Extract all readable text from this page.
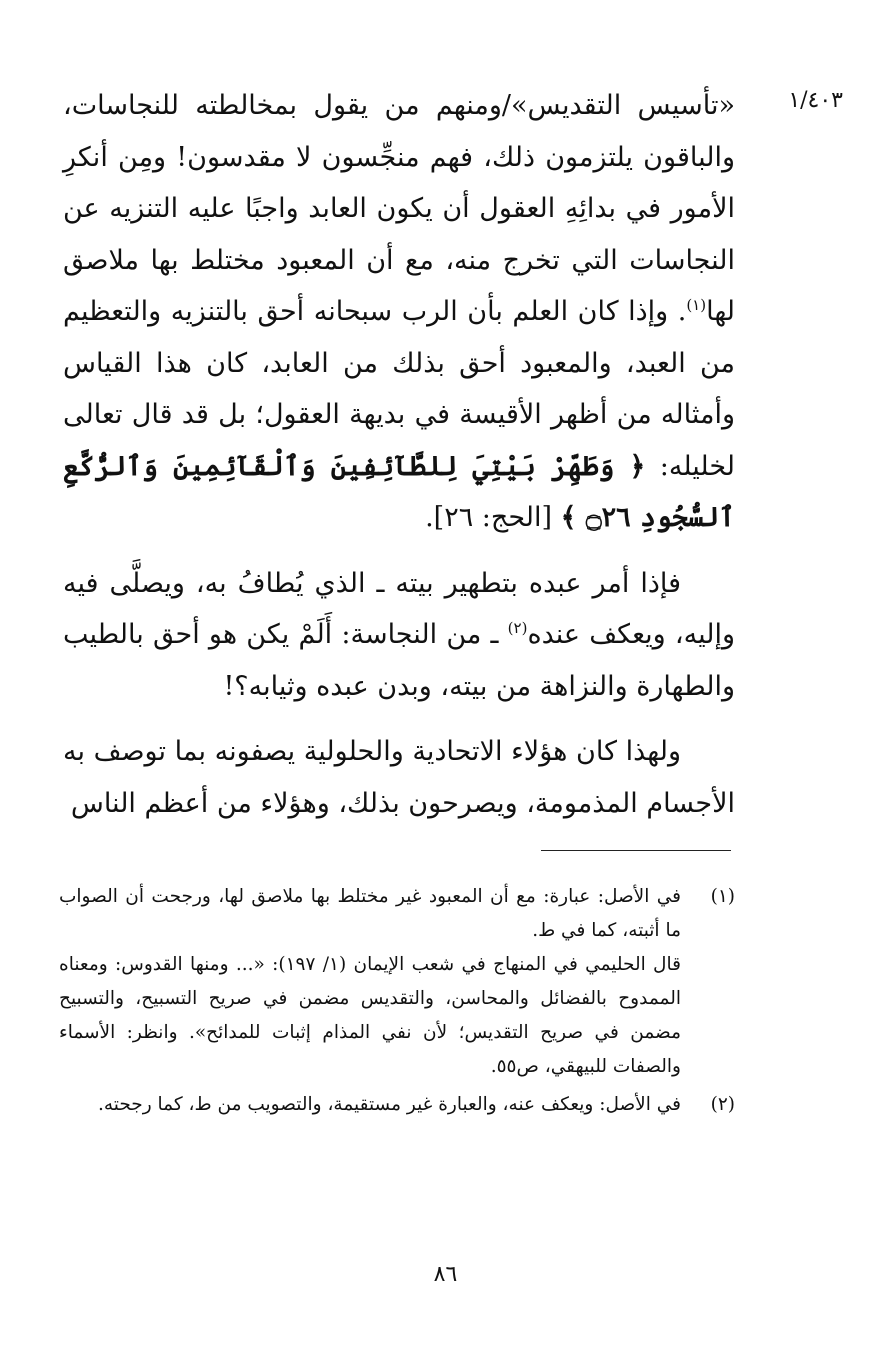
١/٤٠٣

«تأسيس التقديس»/ومنهم من يقول بمخالطته للنجاسات، والباقون يلتزمون ذلك، فهم منجِّسون لا مقدسون! ومِن أنكرِ الأمور في بدائِهِ العقول أن يكون العابد واجبًا عليه التنزيه عن النجاسات التي تخرج منه، مع أن المعبود مختلط بها ملاصق لها$^{(١)}$. وإذا كان العلم بأن الرب سبحانه أحق بالتنزيه والتعظيم من العبد، والمعبود أحق بذلك من العابد، كان هذا القياس وأمثاله من أظهر الأقيسة في بديهة العقول؛ بل قد قال تعالى لخليله: ﴿ وَطَهِّرْ بَيْتِيَ لِلطَّآئِفِينَ وَٱلْقَآئِمِينَ وَٱلرُّكَّعِ ٱلسُّجُودِ ۝٢٦ ﴾ [الحج: ٢٦].

فإذا أمر عبده بتطهير بيته ـ الذي يُطافُ به، ويصلَّى فيه وإليه، ويعكف عنده$^{(٢)}$ ـ من النجاسة: أَلَمْ يكن هو أحق بالطيب والطهارة والنزاهة من بيته، وبدن عبده وثيابه؟!

ولهذا كان هؤلاء الاتحادية والحلولية يصفونه بما توصف به الأجسام المذمومة، ويصرحون بذلك، وهؤلاء من أعظم الناس

(١)

في الأصل: عبارة: مع أن المعبود غير مختلط بها ملاصق لها، ورجحت أن الصواب ما أثبته، كما في ط.

قال الحليمي في المنهاج في شعب الإيمان (١/ ١٩٧): «... ومنها القدوس: ومعناه الممدوح بالفضائل والمحاسن، والتقديس مضمن في صريح التسبيح، والتسبيح مضمن في صريح التقديس؛ لأن نفي المذام إثبات للمدائح». وانظر: الأسماء والصفات للبيهقي، ص٥٥.

(٢)

في الأصل: ويعكف عنه، والعبارة غير مستقيمة، والتصويب من ط، كما رجحته.

٨٦
